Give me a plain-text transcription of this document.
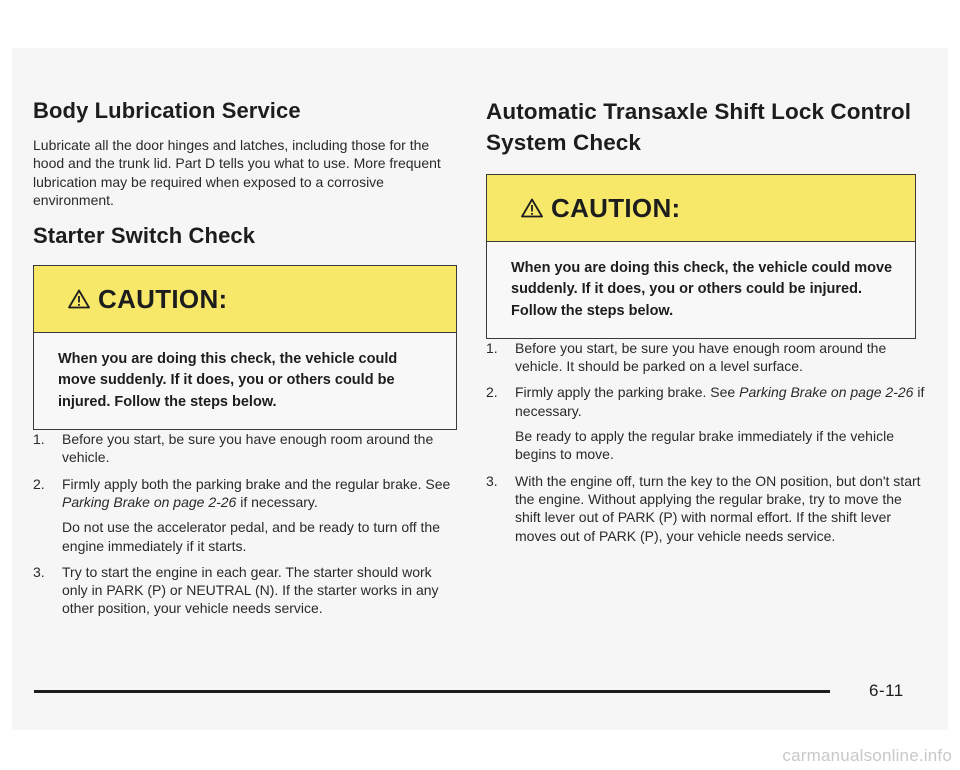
Body Lubrication Service

Lubricate all the door hinges and latches, including those for the hood and the trunk lid. Part D tells you what to use. More frequent lubrication may be required when exposed to a corrosive environment.

Starter Switch Check
CAUTION:

When you are doing this check, the vehicle could move suddenly. If it does, you or others could be injured. Follow the steps below.

1. Before you start, be sure you have enough room around the vehicle.

2. Firmly apply both the parking brake and the regular brake. See Parking Brake on page 2-26 if necessary.

Do not use the accelerator pedal, and be ready to turn off the engine immediately if it starts.

3. Try to start the engine in each gear. The starter should work only in PARK (P) or NEUTRAL (N). If the starter works in any other position, your vehicle needs service.

Automatic Transaxle Shift Lock Control System Check
CAUTION:

When you are doing this check, the vehicle could move suddenly. If it does, you or others could be injured. Follow the steps below.

1. Before you start, be sure you have enough room around the vehicle. It should be parked on a level surface.

2. Firmly apply the parking brake. See Parking Brake on page 2-26 if necessary.

Be ready to apply the regular brake immediately if the vehicle begins to move.

3. With the engine off, turn the key to the ON position, but don't start the engine. Without applying the regular brake, try to move the shift lever out of PARK (P) with normal effort. If the shift lever moves out of PARK (P), your vehicle needs service.

6-11
carmanualsonline.info
